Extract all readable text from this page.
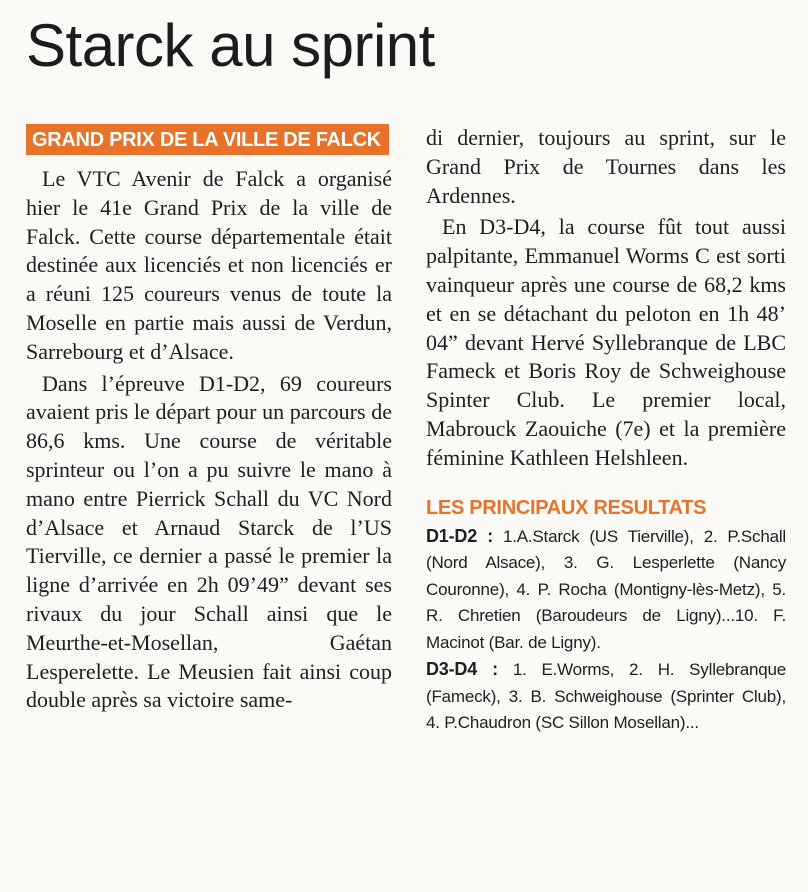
Starck au sprint
GRAND PRIX DE LA VILLE DE FALCK

Le VTC Avenir de Falck a organisé hier le 41e Grand Prix de la ville de Falck. Cette course départementale était destinée aux licenciés et non licenciés er a réuni 125 coureurs venus de toute la Moselle en partie mais aussi de Verdun, Sarrebourg et d’Alsace.

Dans l’épreuve D1-D2, 69 coureurs avaient pris le départ pour un parcours de 86,6 kms. Une course de véritable sprinteur ou l’on a pu suivre le mano à mano entre Pierrick Schall du VC Nord d’Alsace et Arnaud Starck de l’US Tierville, ce dernier a passé le premier la ligne d’arrivée en 2h 09’49” devant ses rivaux du jour Schall ainsi que le Meurthe-et-Mosellan, Gaétan Lesperelette. Le Meusien fait ainsi coup double après sa victoire same-

di dernier, toujours au sprint, sur le Grand Prix de Tournes dans les Ardennes.

En D3-D4, la course fût tout aussi palpitante, Emmanuel Worms C est sorti vainqueur après une course de 68,2 kms et en se détachant du peloton en 1h 48’ 04” devant Hervé Syllebranque de LBC Fameck et Boris Roy de Schweighouse Spinter Club. Le premier local, Mabrouck Zaouiche (7e) et la première féminine Kathleen Helshleen.

LES PRINCIPAUX RESULTATS

D1-D2 : 1.A.Starck (US Tierville), 2. P.Schall (Nord Alsace), 3. G. Lesperlette (Nancy Couronne), 4. P. Rocha (Montigny-lès-Metz), 5. R. Chretien (Baroudeurs de Ligny)...10. F. Macinot (Bar. de Ligny).

D3-D4 : 1. E.Worms, 2. H. Syllebranque (Fameck), 3. B. Schweighouse (Sprinter Club), 4. P.Chaudron (SC Sillon Mosellan)...
